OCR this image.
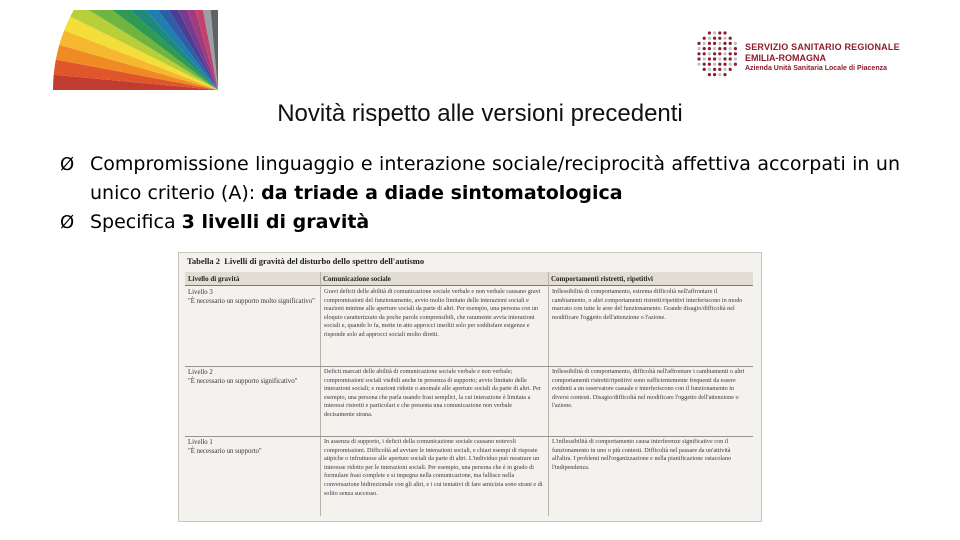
SERVIZIO SANITARIO REGIONALE
EMILIA-ROMAGNA
Azienda Unità Sanitaria Locale di Piacenza
Novità rispetto alle versioni precedenti
Ø Compromissione linguaggio e interazione sociale/reciprocità affettiva accorpati in un unico criterio (A): da triade a diade sintomatologica
Ø Specifica 3 livelli di gravità
Tabella 2 Livelli di gravità del disturbo dello spettro dell'autismo
Livello di gravità	Comunicazione sociale	Comportamenti ristretti, ripetitivi
Livello 3
"È necessario un supporto molto significativo"
Gravi deficit delle abilità di comunicazione sociale verbale e non verbale causano gravi compromissioni del funzionamento, avvio molto limitato delle interazioni sociali e reazioni minime alle aperture sociali da parte di altri. Per esempio, una persona con un eloquio caratterizzato da poche parole comprensibili, che raramente avvia interazioni sociali e, quando lo fa, mette in atto approcci insoliti solo per soddisfare esigenze e risponde solo ad approcci sociali molto diretti.
Inflessibilità di comportamento, estrema difficoltà nell'affrontare il cambiamento, o altri comportamenti ristretti/ripetitivi interferiscono in modo marcato con tutte le aree del funzionamento. Grande disagio/difficoltà nel modificare l'oggetto dell'attenzione o l'azione.
Livello 2
"È necessario un supporto significativo"
Deficit marcati delle abilità di comunicazione sociale verbale e non verbale; compromissioni sociali visibili anche in presenza di supporto; avvio limitato delle interazioni sociali; e reazioni ridotte o anomale alle aperture sociali da parte di altri. Per esempio, una persona che parla usando frasi semplici, la cui interazione è limitata a interessi ristretti e particolari e che presenta una comunicazione non verbale decisamente strana.
Inflessibilità di comportamento, difficoltà nell'affrontare i cambiamenti o altri comportamenti ristretti/ripetitivi sono sufficientemente frequenti da essere evidenti a un osservatore casuale e interferiscono con il funzionamento in diversi contesti. Disagio/difficoltà nel modificare l'oggetto dell'attenzione o l'azione.
Livello 1
"È necessario un supporto"
In assenza di supporto, i deficit della comunicazione sociale causano notevoli compromissioni. Difficoltà ad avviare le interazioni sociali, e chiari esempi di risposte atipiche o infruttuose alle aperture sociali da parte di altri. L'individuo può mostrare un interesse ridotto per le interazioni sociali. Per esempio, una persona che è in grado di formulare frasi complete e si impegna nella comunicazione, ma fallisce nella conversazione bidirezionale con gli altri, e i cui tentativi di fare amicizia sono strani e di solito senza successo.
L'inflessibilità di comportamento causa interferenze significative con il funzionamento in uno o più contesti. Difficoltà nel passare da un'attività all'altra. I problemi nell'organizzazione e nella pianificazione ostacolano l'indipendenza.
